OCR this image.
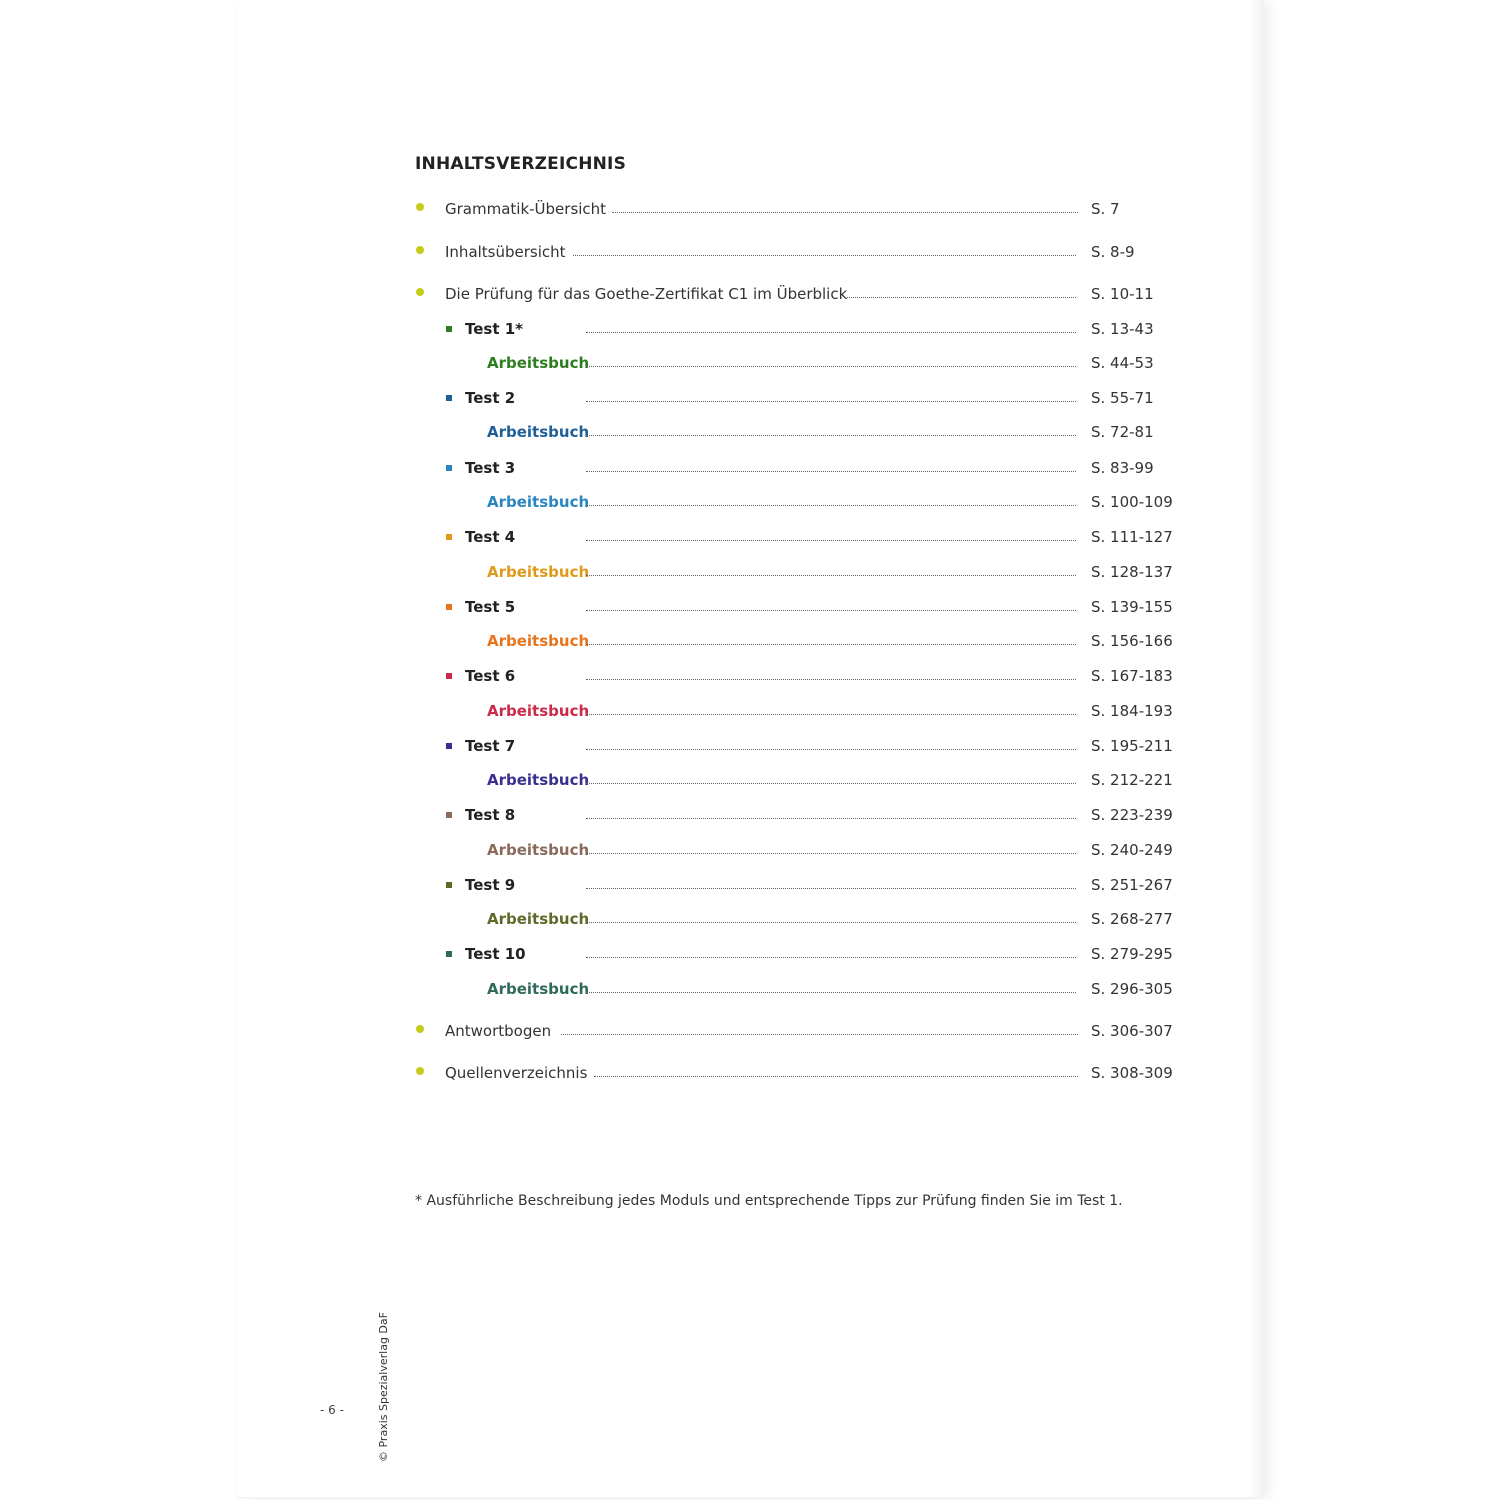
INHALTSVERZEICHNIS
Grammatik-Übersicht	S. 7
Inhaltsübersicht	S. 8-9
Die Prüfung für das Goethe-Zertifikat C1 im Überblick	S. 10-11
Test 1*	S. 13-43
Arbeitsbuch	S. 44-53
Test 2	S. 55-71
Arbeitsbuch	S. 72-81
Test 3	S. 83-99
Arbeitsbuch	S. 100-109
Test 4	S. 111-127
Arbeitsbuch	S. 128-137
Test 5	S. 139-155
Arbeitsbuch	S. 156-166
Test 6	S. 167-183
Arbeitsbuch	S. 184-193
Test 7	S. 195-211
Arbeitsbuch	S. 212-221
Test 8	S. 223-239
Arbeitsbuch	S. 240-249
Test 9	S. 251-267
Arbeitsbuch	S. 268-277
Test 10	S. 279-295
Arbeitsbuch	S. 296-305
Antwortbogen	S. 306-307
Quellenverzeichnis	S. 308-309
* Ausführliche Beschreibung jedes Moduls und entsprechende Tipps zur Prüfung finden Sie im Test 1.
- 6 -	© Praxis Spezialverlag DaF
